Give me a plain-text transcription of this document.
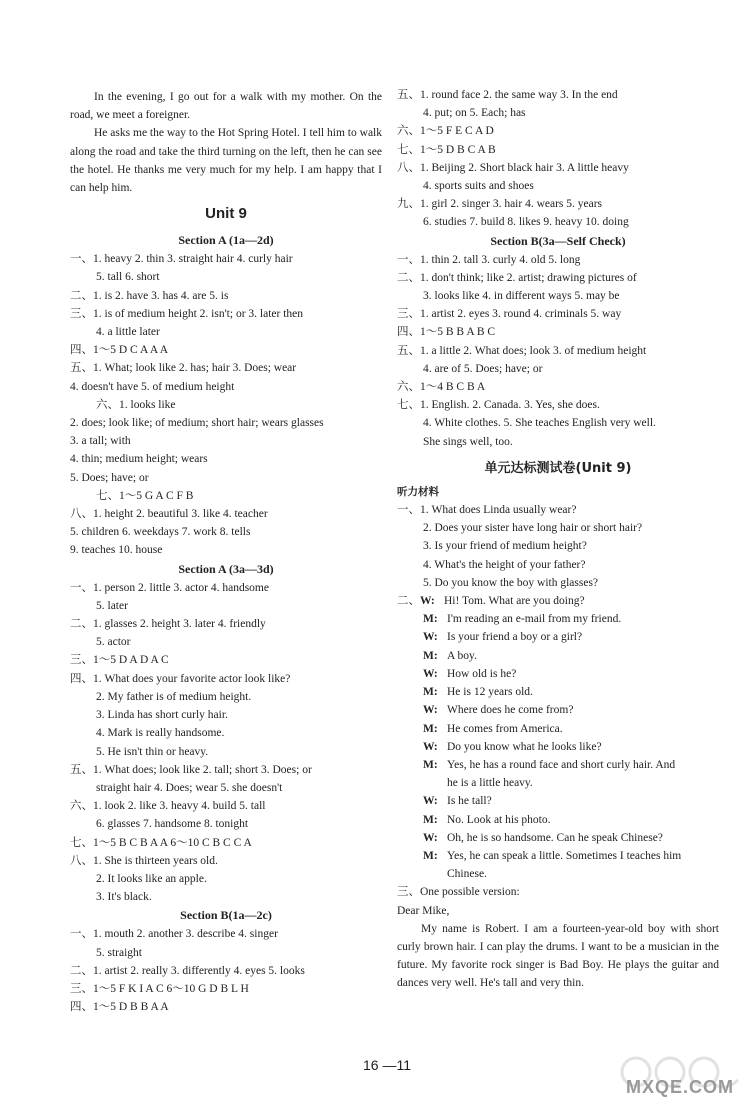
In the evening, I go out for a walk with my mother. On the road, we meet a foreigner.
He asks me the way to the Hot Spring Hotel. I tell him to walk along the road and take the third turning on the left, then he can see the hotel. He thanks me very much for my help. I am happy that I can help him.
Unit 9
Section A (1a—2d)
一、1. heavy 2. thin 3. straight hair 4. curly hair
5. tall 6. short
二、1. is 2. have 3. has 4. are 5. is
三、1. is of medium height 2. isn't; or 3. later then
4. a little later
四、1～5 D C A A A
五、1. What; look like 2. has; hair 3. Does; wear
4. doesn't have 5. of medium height
六、1. looks like
2. does; look like; of medium; short hair; wears glasses
3. a tall; with
4. thin; medium height; wears
5. Does; have; or
七、1～5 G A C F B
八、1. height 2. beautiful 3. like 4. teacher
5. children 6. weekdays 7. work 8. tells
9. teaches 10. house
Section A (3a—3d)
一、1. person 2. little 3. actor 4. handsome
5. later
二、1. glasses 2. height 3. later 4. friendly
5. actor
三、1～5 D A D A C
四、1. What does your favorite actor look like?
2. My father is of medium height.
3. Linda has short curly hair.
4. Mark is really handsome.
5. He isn't thin or heavy.
五、1. What does; look like 2. tall; short 3. Does; or
straight hair 4. Does; wear 5. she doesn't
六、1. look 2. like 3. heavy 4. build 5. tall
6. glasses 7. handsome 8. tonight
七、1～5 B C B A A 6～10 C B C C A
八、1. She is thirteen years old.
2. It looks like an apple.
3. It's black.
Section B(1a—2c)
一、1. mouth 2. another 3. describe 4. singer
5. straight
二、1. artist 2. really 3. differently 4. eyes 5. looks
三、1～5 F K I A C 6～10 G D B L H
四、1～5 D B B A A
五、1. round face 2. the same way 3. In the end
4. put; on 5. Each; has
六、1～5 F E C A D
七、1～5 D B C A B
八、1. Beijing 2. Short black hair 3. A little heavy
4. sports suits and shoes
九、1. girl 2. singer 3. hair 4. wears 5. years
6. studies 7. build 8. likes 9. heavy 10. doing
Section B(3a—Self Check)
一、1. thin 2. tall 3. curly 4. old 5. long
二、1. don't think; like 2. artist; drawing pictures of
3. looks like 4. in different ways 5. may be
三、1. artist 2. eyes 3. round 4. criminals 5. way
四、1～5 B B A B C
五、1. a little 2. What does; look 3. of medium height
4. are of 5. Does; have; or
六、1～4 B C B A
七、1. English. 2. Canada. 3. Yes, she does.
4. White clothes. 5. She teaches English very well.
She sings well, too.
单元达标测试卷(Unit 9)
听力材料
一、1. What does Linda usually wear?
2. Does your sister have long hair or short hair?
3. Is your friend of medium height?
4. What's the height of your father?
5. Do you know the boy with glasses?
二、W: Hi! Tom. What are you doing?
M: I'm reading an e-mail from my friend.
W: Is your friend a boy or a girl?
M: A boy.
W: How old is he?
M: He is 12 years old.
W: Where does he come from?
M: He comes from America.
W: Do you know what he looks like?
M: Yes, he has a round face and short curly hair. And
he is a little heavy.
W: Is he tall?
M: No. Look at his photo.
W: Oh, he is so handsome. Can he speak Chinese?
M: Yes, he can speak a little. Sometimes I teaches him
Chinese.
三、One possible version:
Dear Mike,
My name is Robert. I am a fourteen-year-old boy with short curly brown hair. I can play the drums. I want to be a musician in the future. My favorite rock singer is Bad Boy. He plays the guitar and dances very well. He's tall and very thin.
16 —11
MXQE.COM
